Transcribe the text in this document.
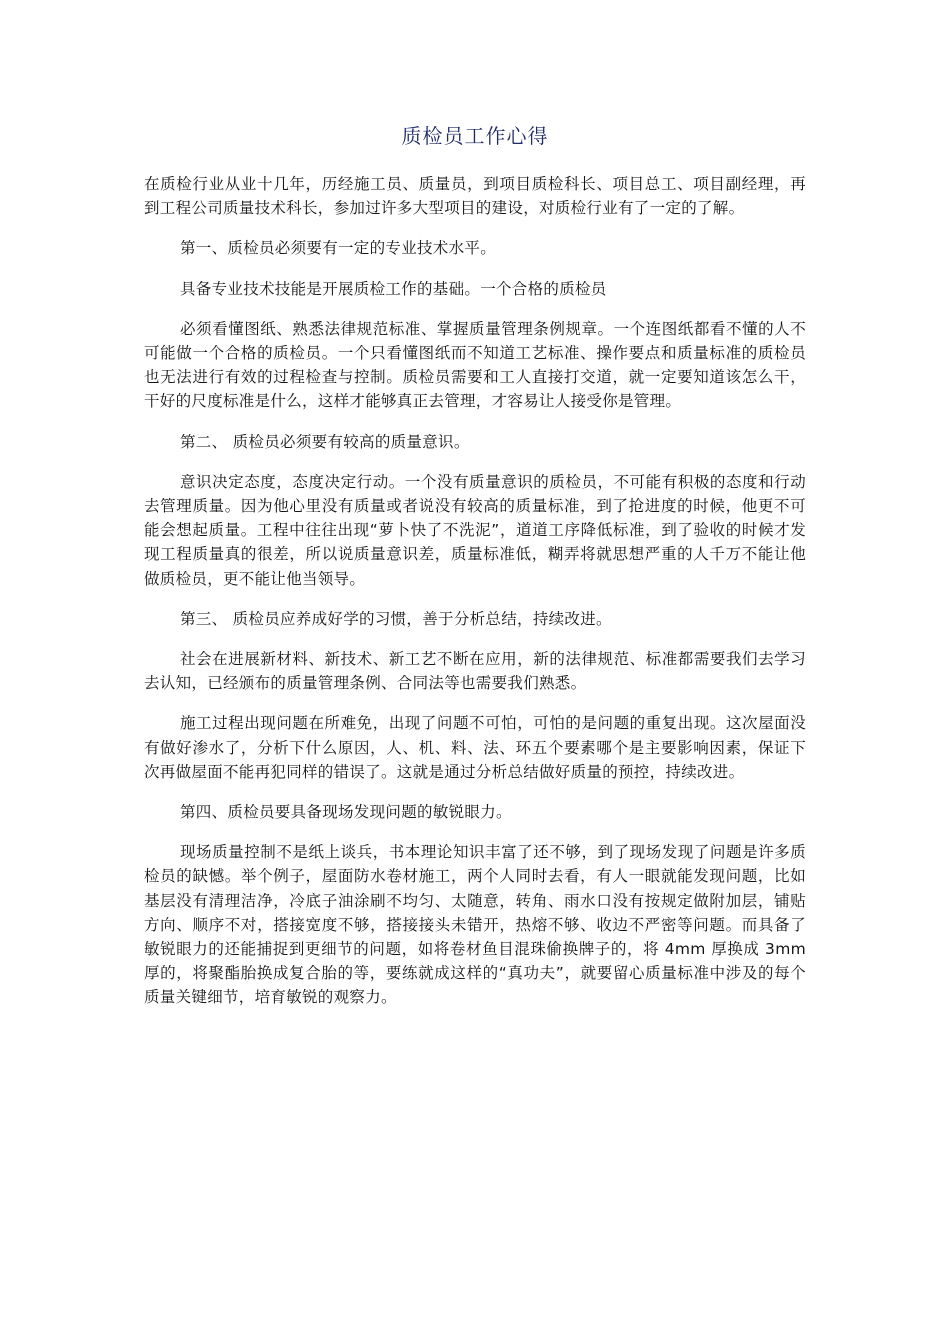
质检员工作心得

在质检行业从业十几年，历经施工员、质量员，到项目质检科长、项目总工、项目副经理，再到工程公司质量技术科长，参加过许多大型项目的建设，对质检行业有了一定的了解。

第一、质检员必须要有一定的专业技术水平。

具备专业技术技能是开展质检工作的基础。一个合格的质检员

必须看懂图纸、熟悉法律规范标准、掌握质量管理条例规章。一个连图纸都看不懂的人不可能做一个合格的质检员。一个只看懂图纸而不知道工艺标准、操作要点和质量标准的质检员也无法进行有效的过程检查与控制。质检员需要和工人直接打交道，就一定要知道该怎么干，干好的尺度标准是什么，这样才能够真正去管理，才容易让人接受你是管理。

第二、 质检员必须要有较高的质量意识。

意识决定态度，态度决定行动。一个没有质量意识的质检员，不可能有积极的态度和行动去管理质量。因为他心里没有质量或者说没有较高的质量标准，到了抢进度的时候，他更不可能会想起质量。工程中往往出现“萝卜快了不洗泥”，道道工序降低标准，到了验收的时候才发现工程质量真的很差，所以说质量意识差，质量标准低，糊弄将就思想严重的人千万不能让他做质检员，更不能让他当领导。

第三、 质检员应养成好学的习惯，善于分析总结，持续改进。

社会在进展新材料、新技术、新工艺不断在应用，新的法律规范、标准都需要我们去学习去认知，已经颁布的质量管理条例、合同法等也需要我们熟悉。

施工过程出现问题在所难免，出现了问题不可怕，可怕的是问题的重复出现。这次屋面没有做好渗水了，分析下什么原因，人、机、料、法、环五个要素哪个是主要影响因素，保证下次再做屋面不能再犯同样的错误了。这就是通过分析总结做好质量的预控，持续改进。

第四、质检员要具备现场发现问题的敏锐眼力。

现场质量控制不是纸上谈兵，书本理论知识丰富了还不够，到了现场发现了问题是许多质检员的缺憾。举个例子，屋面防水卷材施工，两个人同时去看，有人一眼就能发现问题，比如基层没有清理洁净，冷底子油涂刷不均匀、太随意，转角、雨水口没有按规定做附加层，铺贴方向、顺序不对，搭接宽度不够，搭接接头未错开，热熔不够、收边不严密等问题。而具备了敏锐眼力的还能捕捉到更细节的问题，如将卷材鱼目混珠偷换牌子的，将 4mm 厚换成 3mm 厚的，将聚酯胎换成复合胎的等，要练就成这样的“真功夫”，就要留心质量标准中涉及的每个质量关键细节，培育敏锐的观察力。
